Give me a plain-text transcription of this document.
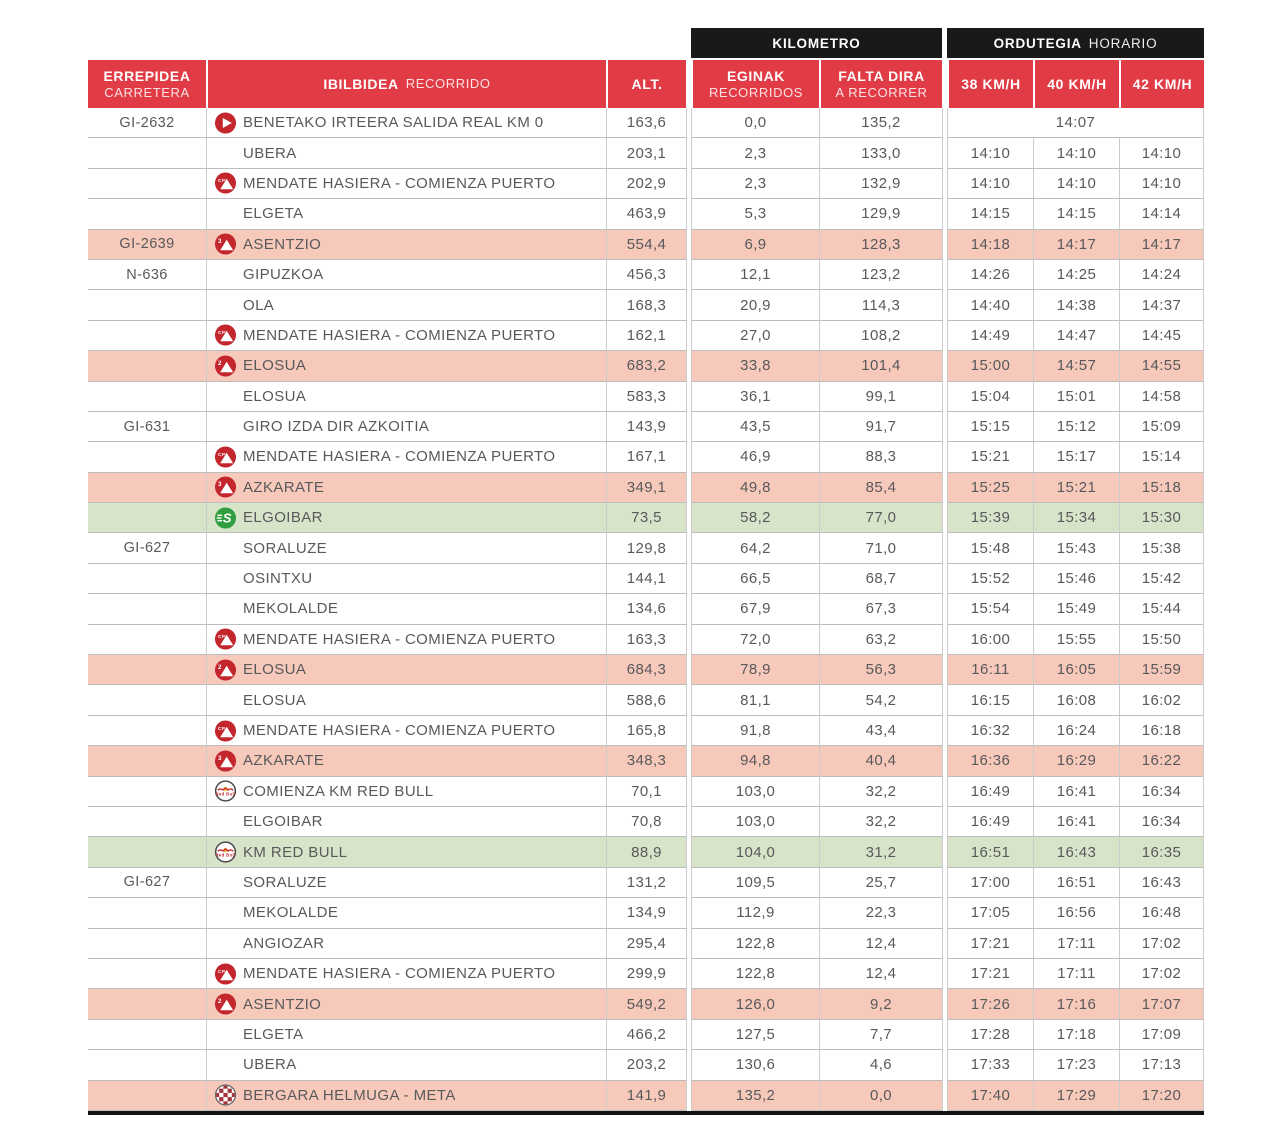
KILOMETRO	ORDUTEGIA HORARIO
ERREPIDEA
CARRETERA
IBILBIDEA RECORRIDO	ALT.	EGINAK
RECORRIDOS
FALTA DIRA
A RECORRER
38 KM/H 40 KM/H 42 KM/H
GI-2632	BENETAKO IRTEERA SALIDA REAL KM 0	163,6	0,0	135,2	14:07
UBERA	203,1	2,3	133,0	14:10	14:10	14:10
CP MENDATE HASIERA - COMIENZA PUERTO	202,9	2,3	132,9	14:10	14:10	14:10
ELGETA	463,9	5,3	129,9	14:15	14:15	14:14
GI-2639	3 ASENTZIO	554,4	6,9	128,3	14:18	14:17	14:17
N-636	GIPUZKOA	456,3	12,1	123,2	14:26	14:25	14:24
OLA	168,3	20,9	114,3	14:40	14:38	14:37
CP MENDATE HASIERA - COMIENZA PUERTO	162,1	27,0	108,2	14:49	14:47	14:45
2 ELOSUA	683,2	33,8	101,4	15:00	14:57	14:55
ELOSUA	583,3	36,1	99,1	15:04	15:01	14:58
GI-631	GIRO IZDA DIR AZKOITIA	143,9	43,5	91,7	15:15	15:12	15:09
CP MENDATE HASIERA - COMIENZA PUERTO	167,1	46,9	88,3	15:21	15:17	15:14
3 AZKARATE	349,1	49,8	85,4	15:25	15:21	15:18
S ELGOIBAR	73,5	58,2	77,0	15:39	15:34	15:30
GI-627	SORALUZE	129,8	64,2	71,0	15:48	15:43	15:38
OSINTXU	144,1	66,5	68,7	15:52	15:46	15:42
MEKOLALDE	134,6	67,9	67,3	15:54	15:49	15:44
CP MENDATE HASIERA - COMIENZA PUERTO	163,3	72,0	63,2	16:00	15:55	15:50
2 ELOSUA	684,3	78,9	56,3	16:11	16:05	15:59
ELOSUA	588,6	81,1	54,2	16:15	16:08	16:02
CP MENDATE HASIERA - COMIENZA PUERTO	165,8	91,8	43,4	16:32	16:24	16:18
3 AZKARATE	348,3	94,8	40,4	16:36	16:29	16:22
Red Bull COMIENZA KM RED BULL	70,1	103,0	32,2	16:49	16:41	16:34
ELGOIBAR	70,8	103,0	32,2	16:49	16:41	16:34
Red Bull KM RED BULL	88,9	104,0	31,2	16:51	16:43	16:35
GI-627	SORALUZE	131,2	109,5	25,7	17:00	16:51	16:43
MEKOLALDE	134,9	112,9	22,3	17:05	16:56	16:48
ANGIOZAR	295,4	122,8	12,4	17:21	17:11	17:02
CP MENDATE HASIERA - COMIENZA PUERTO	299,9	122,8	12,4	17:21	17:11	17:02
2 ASENTZIO	549,2	126,0	9,2	17:26	17:16	17:07
ELGETA	466,2	127,5	7,7	17:28	17:18	17:09
UBERA	203,2	130,6	4,6	17:33	17:23	17:13
BERGARA HELMUGA - META	141,9	135,2	0,0	17:40	17:29	17:20
